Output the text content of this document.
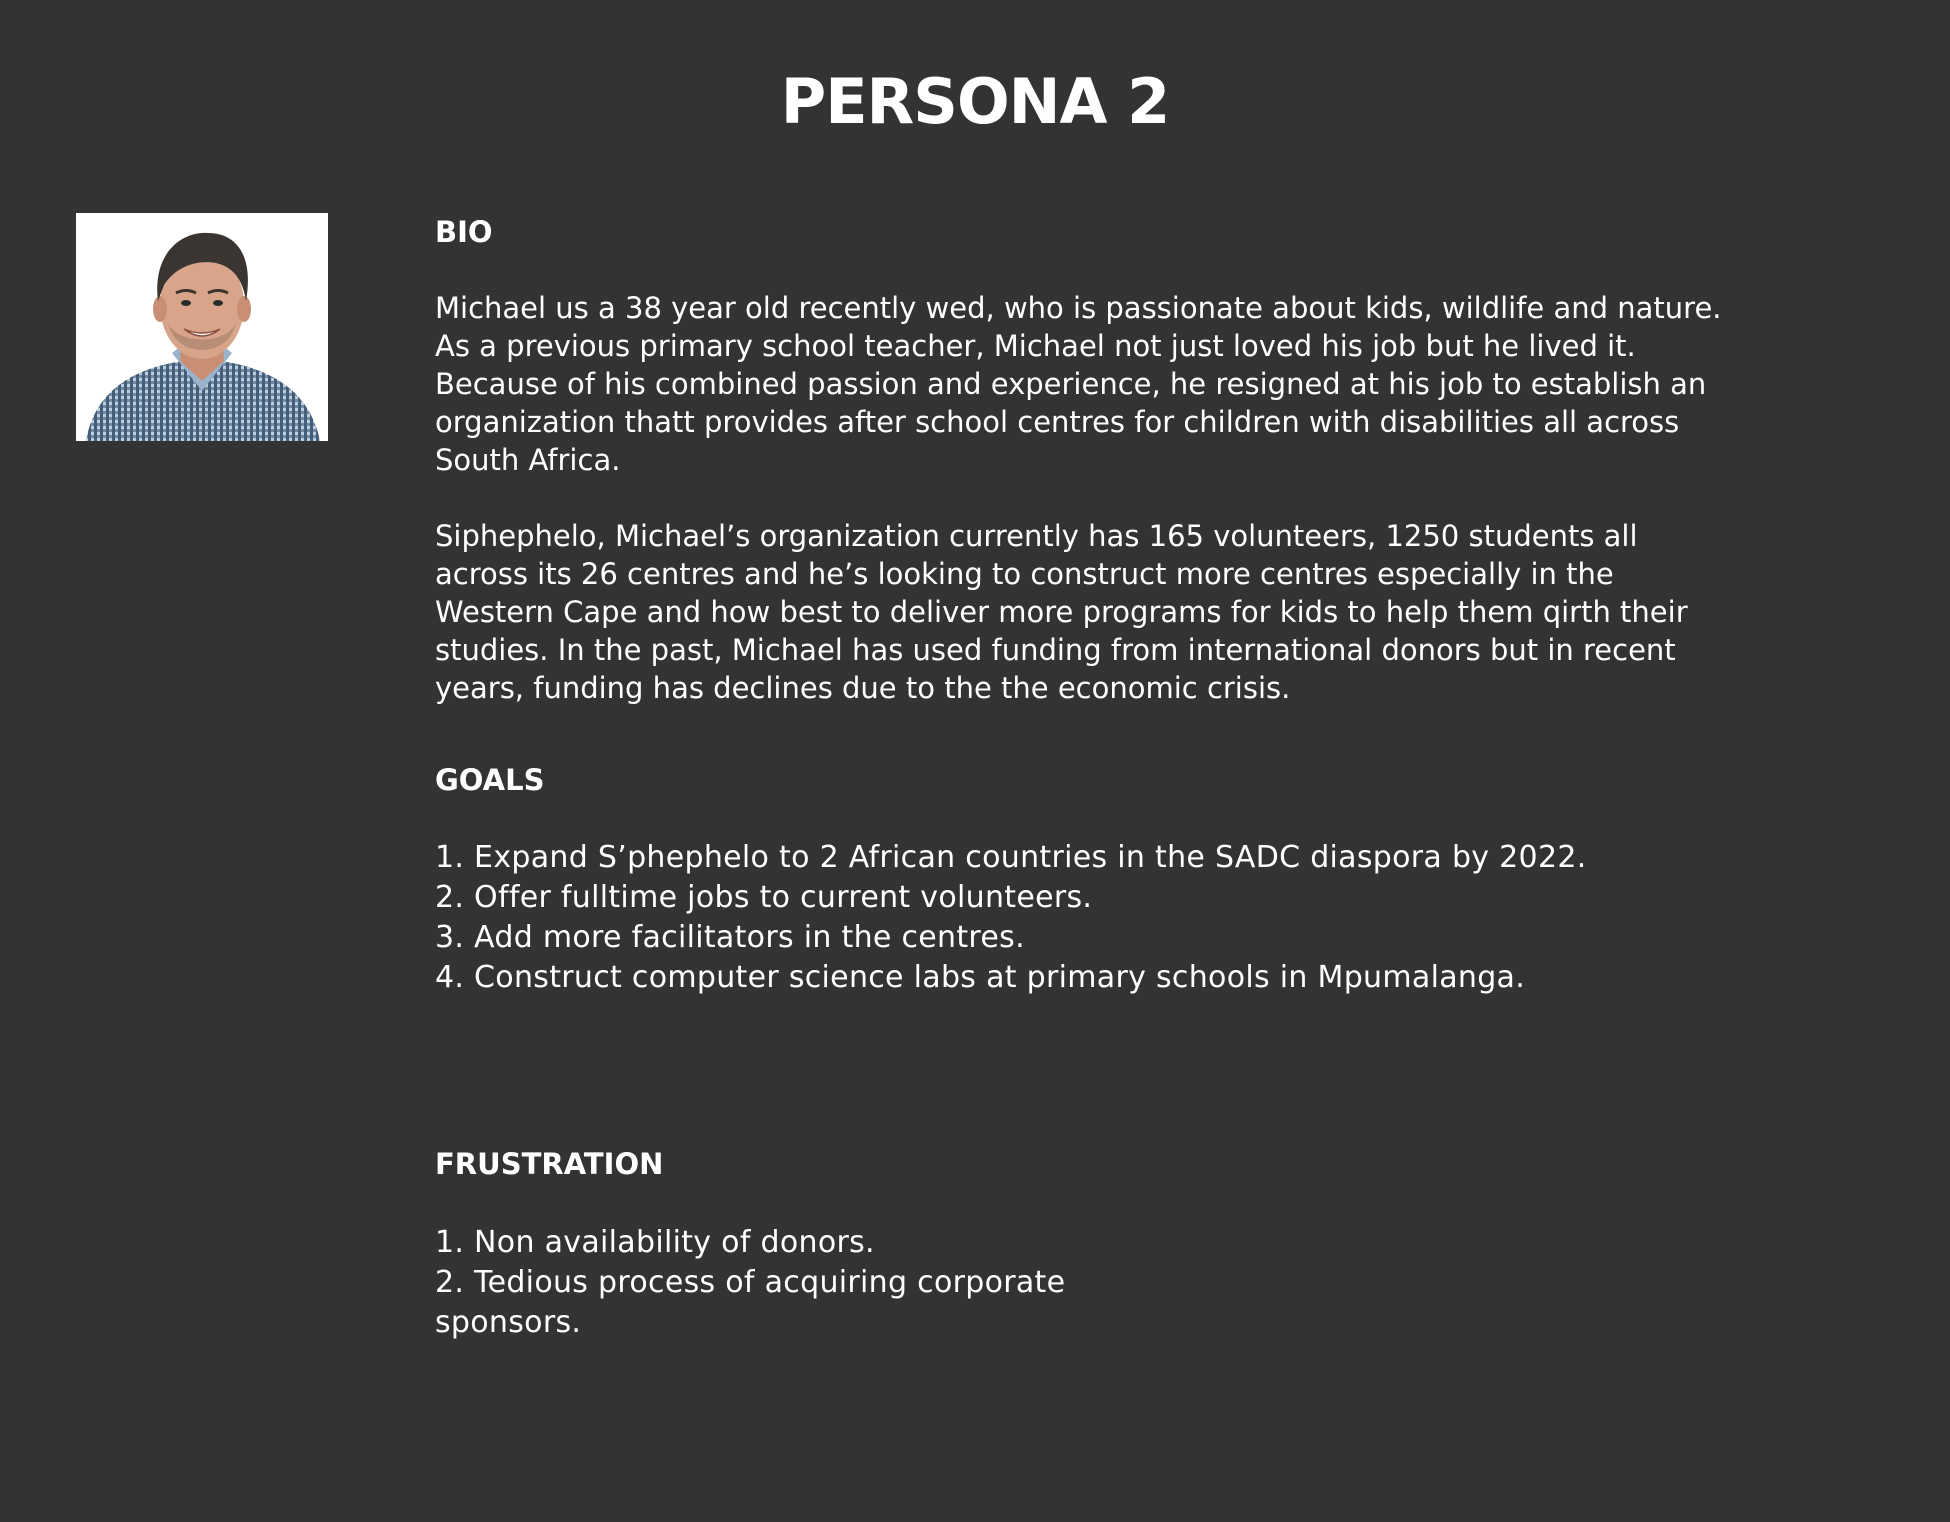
PERSONA 2
BIO

Michael us a 38 year old recently wed, who is passionate about kids, wildlife and nature.
As a previous primary school teacher, Michael not just loved his job but he lived it.
Because of his combined passion and experience, he resigned at his job to establish an
organization thatt provides after school centres for children with disabilities all across
South Africa.

Siphephelo, Michael’s organization currently has 165 volunteers, 1250 students all
across its 26 centres and he’s looking to construct more centres especially in the
Western Cape and how best to deliver more programs for kids to help them qirth their
studies. In the past, Michael has used funding from international donors but in recent
years, funding has declines due to the the economic crisis.

GOALS
1. Expand S’phephelo to 2 African countries in the SADC diaspora by 2022.
2. Offer fulltime jobs to current volunteers.
3. Add more facilitators in the centres.
4. Construct computer science labs at primary schools in Mpumalanga.
FRUSTRATION
1. Non availability of donors.
2. Tedious process of acquiring corporate
sponsors.
